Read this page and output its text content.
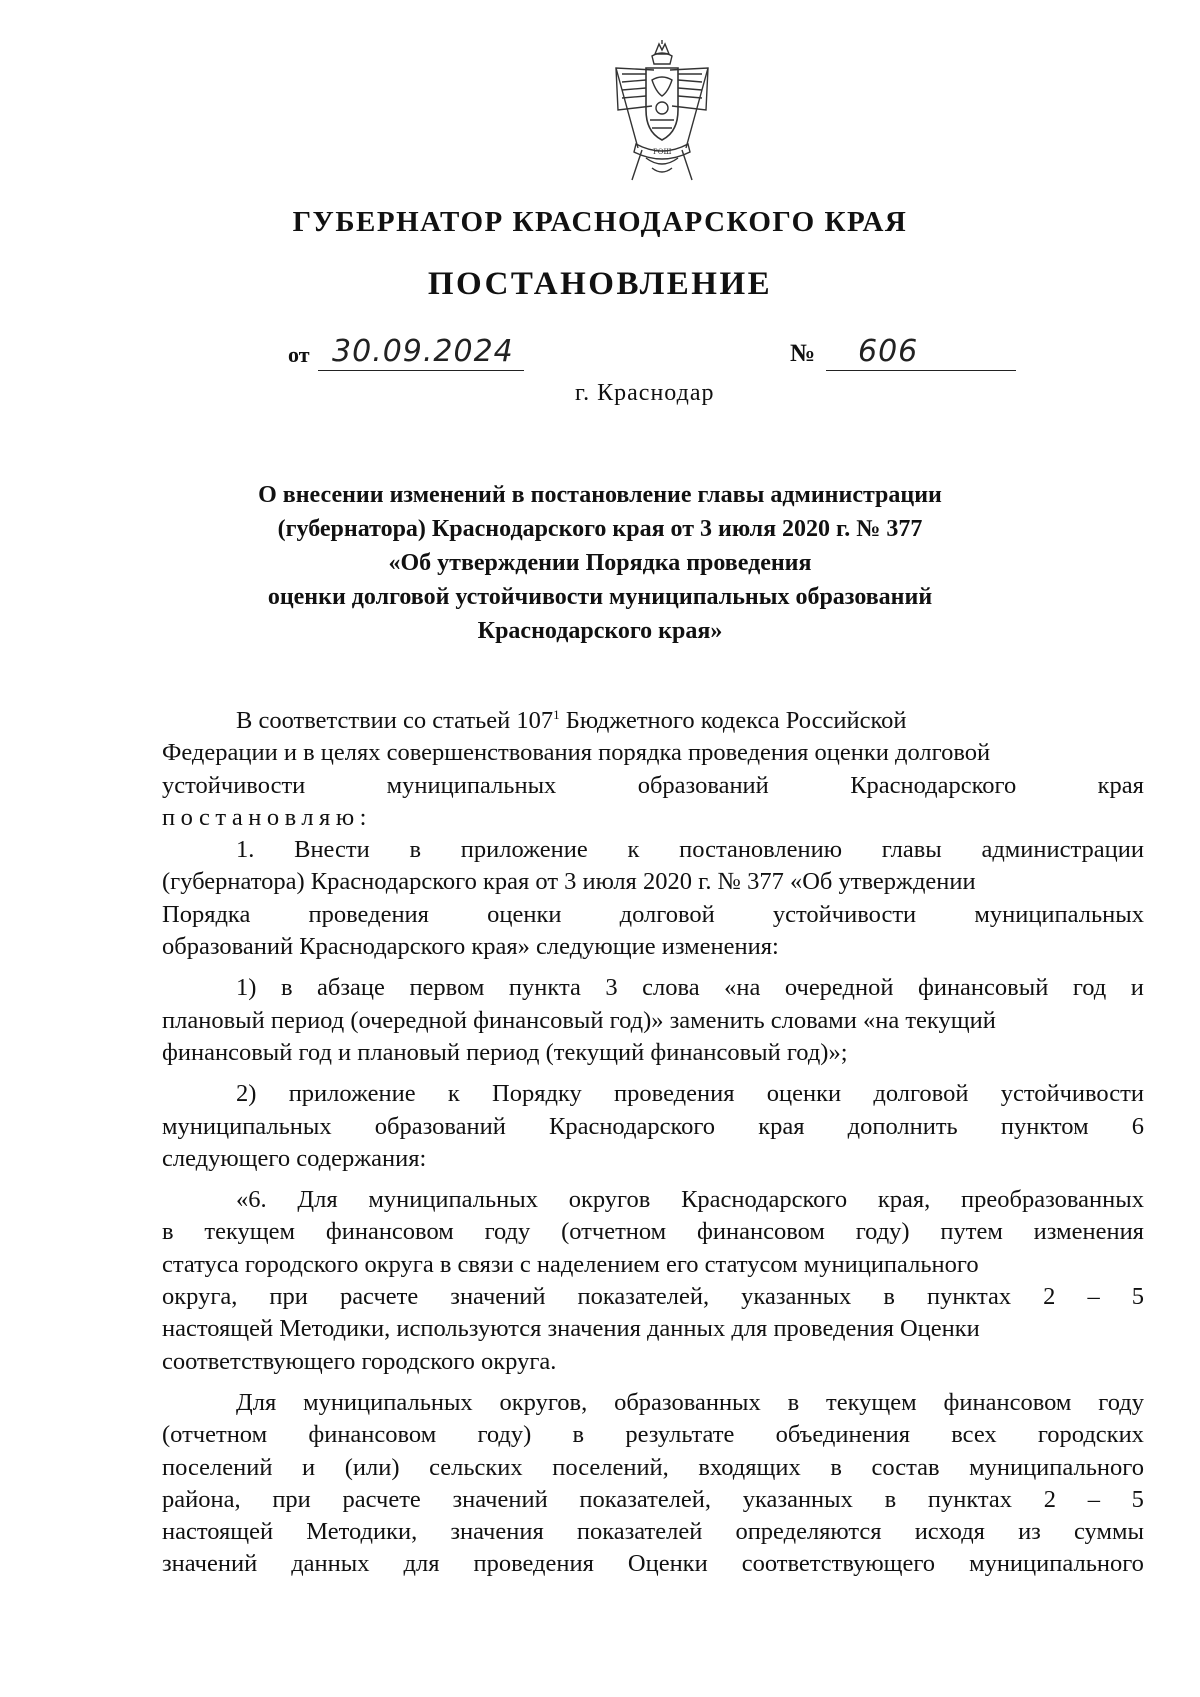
РОШ
ГУБЕРНАТОР КРАСНОДАРСКОГО КРАЯ
ПОСТАНОВЛЕНИЕ
от 30.09.2024	№ 606
г. Краснодар
О внесении изменений в постановление главы администрации
(губернатора) Краснодарского края от 3 июля 2020 г. № 377
«Об утверждении Порядка проведения
оценки долговой устойчивости муниципальных образований
Краснодарского края»
В соответствии со статьей $107^1$ Бюджетного кодекса Российской
Федерации и в целях совершенствования порядка проведения оценки долговой
устойчивости	муниципальных	образований	Краснодарского	края
постановляю:
1. Внести в приложение к постановлению главы администрации
(губернатора) Краснодарского края от 3 июля 2020 г. № 377 «Об утверждении
Порядка проведения оценки долговой устойчивости муниципальных
образований Краснодарского края» следующие изменения:
1) в абзаце первом пункта 3 слова «на очередной финансовый год и
плановый период (очередной финансовый год)» заменить словами «на текущий
финансовый год и плановый период (текущий финансовый год)»;
2) приложение к Порядку проведения оценки долговой устойчивости
муниципальных образований Краснодарского края дополнить пунктом 6
следующего содержания:
«6. Для муниципальных округов Краснодарского края, преобразованных
в текущем финансовом году (отчетном финансовом году) путем изменения
статуса городского округа в связи с наделением его статусом муниципального
округа, при расчете значений показателей, указанных в пунктах 2 – 5
настоящей Методики, используются значения данных для проведения Оценки
соответствующего городского округа.
Для муниципальных округов, образованных в текущем финансовом году
(отчетном финансовом году) в результате объединения всех городских
поселений и (или) сельских поселений, входящих в состав муниципального
района, при расчете значений показателей, указанных в пунктах 2 – 5
настоящей Методики, значения показателей определяются исходя из суммы
значений данных для проведения Оценки соответствующего муниципального
